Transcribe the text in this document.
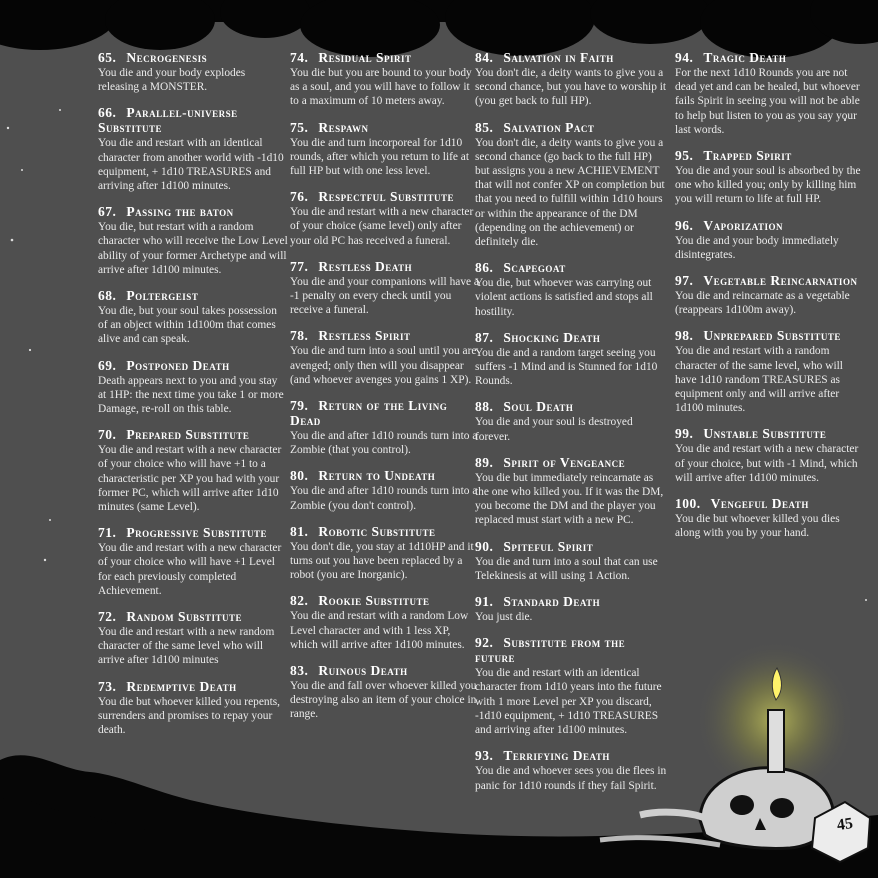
45
65. Necrogenesis
You die and your body explodes releasing a MONSTER.
66. Parallel-universe Substitute
You die and restart with an identical character from another world with -1d10 equipment, + 1d10 TREASURES and arriving after 1d100 minutes.
67. Passing the baton
You die, but restart with a random character who will receive the Low Level ability of your former Archetype and will arrive after 1d100 minutes.
68. Poltergeist
You die, but your soul takes possession of an object within 1d100m that comes alive and can speak.
69. Postponed Death
Death appears next to you and you stay at 1HP: the next time you take 1 or more Damage, re-roll on this table.
70. Prepared Substitute
You die and restart with a new character of your choice who will have +1 to a characteristic per XP you had with your former PC, which will arrive after 1d10 minutes (same Level).
71. Progressive Substitute
You die and restart with a new character of your choice who will have +1 Level for each previously completed Achievement.
72. Random Substitute
You die and restart with a new random character of the same level who will arrive after 1d100 minutes
73. Redemptive Death
You die but whoever killed you repents, surrenders and promises to repay your death.
74. Residual Spirit
You die but you are bound to your body as a soul, and you will have to follow it to a maximum of 10 meters away.
75. Respawn
You die and turn incorporeal for 1d10 rounds, after which you return to life at full HP but with one less level.
76. Respectful Substitute
You die and restart with a new character of your choice (same level) only after your old PC has received a funeral.
77. Restless Death
You die and your companions will have a -1 penalty on every check until you receive a funeral.
78. Restless Spirit
You die and turn into a soul until you are avenged; only then will you disappear (and whoever avenges you gains 1 XP).
79. Return of the Living Dead
You die and after 1d10 rounds turn into a Zombie (that you control).
80. Return to Undeath
You die and after 1d10 rounds turn into a Zombie (you don't control).
81. Robotic Substitute
You don't die, you stay at 1d10HP and it turns out you have been replaced by a robot (you are Inorganic).
82. Rookie Substitute
You die and restart with a random Low Level character and with 1 less XP, which will arrive after 1d100 minutes.
83. Ruinous Death
You die and fall over whoever killed you destroying also an item of your choice in range.
84. Salvation in Faith
You don't die, a deity wants to give you a second chance, but you have to worship it (you get back to full HP).
85. Salvation Pact
You don't die, a deity wants to give you a second chance (go back to the full HP) but assigns you a new ACHIEVEMENT that will not confer XP on completion but that you need to fulfill within 1d10 hours or within the appearance of the DM (depending on the achievement) or definitely die.
86. Scapegoat
You die, but whoever was carrying out violent actions is satisfied and stops all hostility.
87. Shocking Death
You die and a random target seeing you suffers -1 Mind and is Stunned for 1d10 Rounds.
88. Soul Death
You die and your soul is destroyed forever.
89. Spirit of Vengeance
You die but immediately reincarnate as the one who killed you. If it was the DM, you become the DM and the player you replaced must start with a new PC.
90. Spiteful Spirit
You die and turn into a soul that can use Telekinesis at will using 1 Action.
91. Standard Death
You just die.
92. Substitute from the future
You die and restart with an identical character from 1d10 years into the future with 1 more Level per XP you discard, -1d10 equipment, + 1d10 TREASURES and arriving after 1d100 minutes.
93. Terrifying Death
You die and whoever sees you die flees in panic for 1d10 rounds if they fail Spirit.
94. Tragic Death
For the next 1d10 Rounds you are not dead yet and can be healed, but whoever fails Spirit in seeing you will not be able to help but listen to you as you say your last words.
95. Trapped Spirit
You die and your soul is absorbed by the one who killed you; only by killing him you will return to life at full HP.
96. Vaporization
You die and your body immediately disintegrates.
97. Vegetable Reincarnation
You die and reincarnate as a vegetable (reappears 1d100m away).
98. Unprepared Substitute
You die and restart with a random character of the same level, who will have 1d10 random TREASURES as equipment only and will arrive after 1d100 minutes.
99. Unstable Substitute
You die and restart with a new character of your choice, but with -1 Mind, which will arrive after 1d100 minutes.
100. Vengeful Death
You die but whoever killed you dies along with you by your hand.
